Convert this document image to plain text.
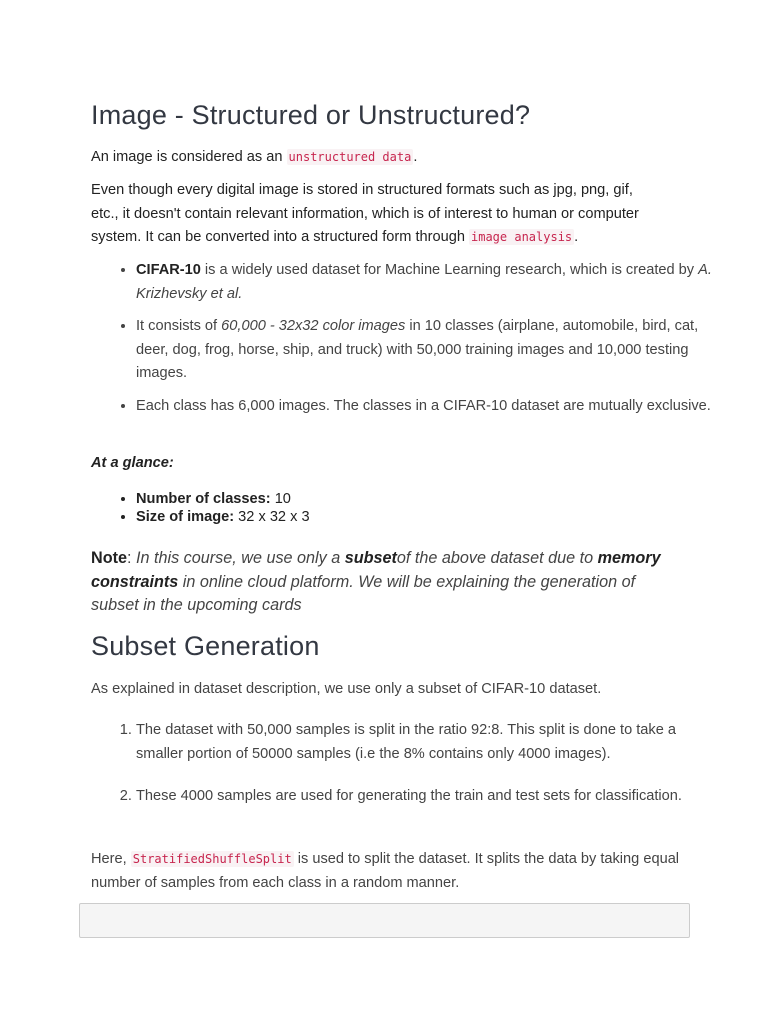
Image - Structured or Unstructured?

An image is considered as an unstructured data .

Even though every digital image is stored in structured formats such as jpg, png, gif,
etc., it doesn't contain relevant information, which is of interest to human or computer
system. It can be converted into a structured form through image analysis .

• CIFAR-10 is a widely used dataset for Machine Learning research, which is created by A. Krizhevsky et al.
• It consists of 60,000 - 32x32 color images in 10 classes (airplane, automobile, bird, cat, deer, dog, frog, horse, ship, and truck) with 50,000 training images and 10,000 testing images.
• Each class has 6,000 images. The classes in a CIFAR-10 dataset are mutually exclusive.

At a glance:

• Number of classes: 10
• Size of image: 32 x 32 x 3

Note: In this course, we use only a subsetof the above dataset due to memory constraints in online cloud platform. We will be explaining the generation of subset in the upcoming cards

Subset Generation

As explained in dataset description, we use only a subset of CIFAR-10 dataset.

1. The dataset with 50,000 samples is split in the ratio 92:8. This split is done to take a smaller portion of 50000 samples (i.e the 8% contains only 4000 images).
2. These 4000 samples are used for generating the train and test sets for classification.

Here, StratifiedShuffleSplit is used to split the dataset. It splits the data by taking equal number of samples from each class in a random manner.
